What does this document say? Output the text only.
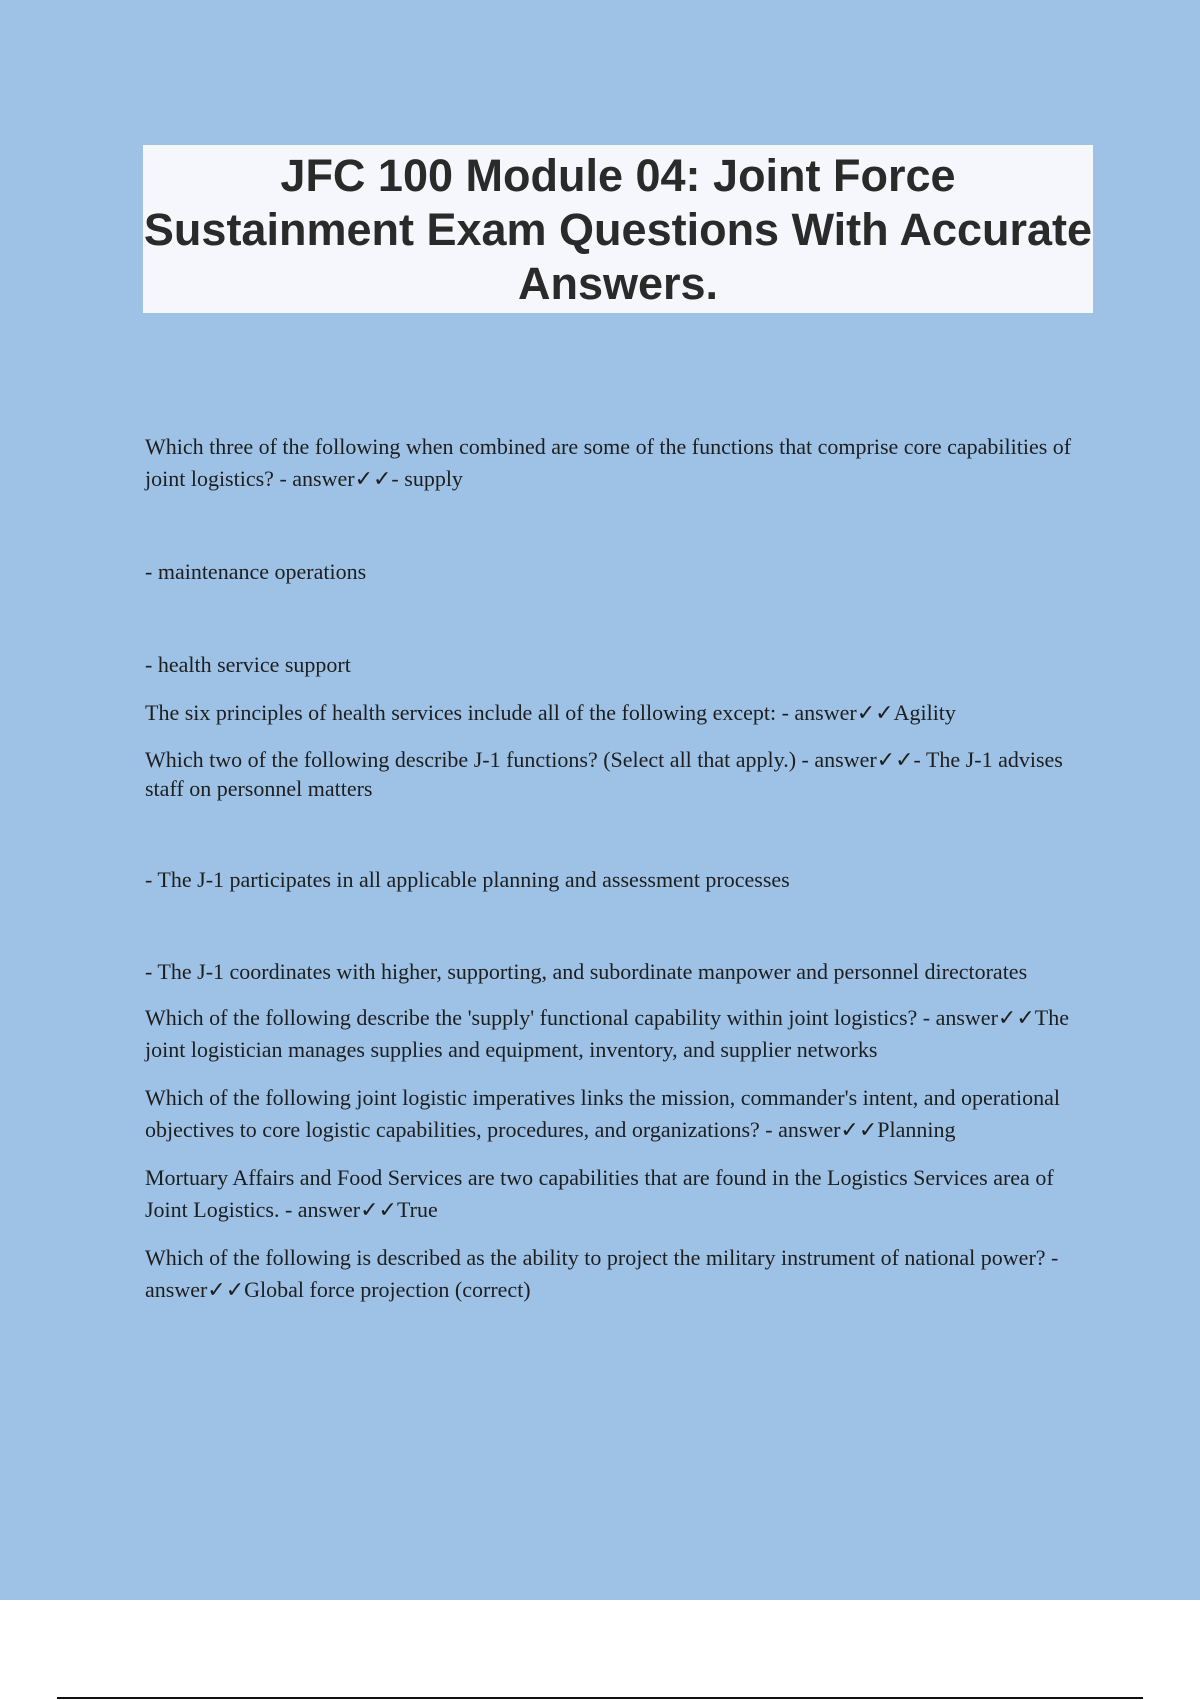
JFC 100 Module 04: Joint Force Sustainment Exam Questions With Accurate Answers.

Which three of the following when combined are some of the functions that comprise core capabilities of joint logistics? - answer✓✓- supply

- maintenance operations

- health service support

The six principles of health services include all of the following except: - answer✓✓Agility

Which two of the following describe J-1 functions? (Select all that apply.) - answer✓✓- The J-1 advises staff on personnel matters

- The J-1 participates in all applicable planning and assessment processes

- The J-1 coordinates with higher, supporting, and subordinate manpower and personnel directorates

Which of the following describe the 'supply' functional capability within joint logistics? - answer✓✓The joint logistician manages supplies and equipment, inventory, and supplier networks

Which of the following joint logistic imperatives links the mission, commander's intent, and operational objectives to core logistic capabilities, procedures, and organizations? - answer✓✓Planning

Mortuary Affairs and Food Services are two capabilities that are found in the Logistics Services area of Joint Logistics. - answer✓✓True

Which of the following is described as the ability to project the military instrument of national power? - answer✓✓Global force projection (correct)
